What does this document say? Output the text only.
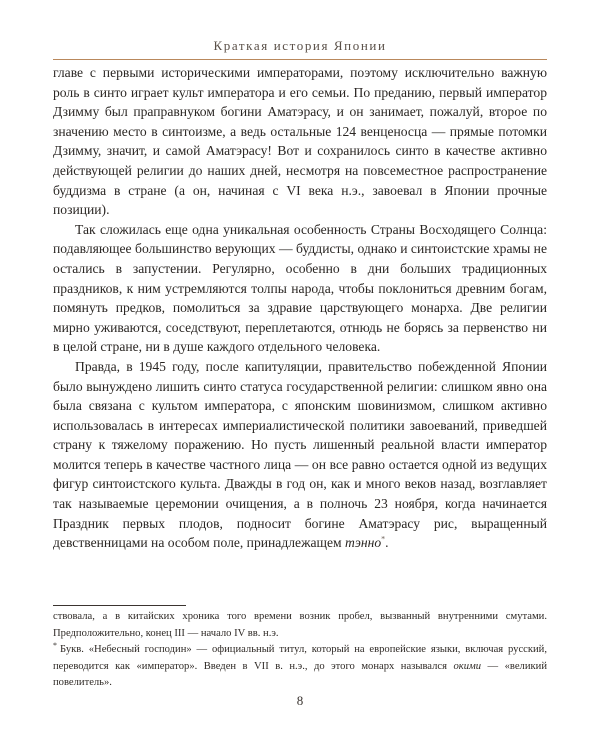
Краткая история Японии

главе с первыми историческими императорами, поэтому исключительно важную роль в синто играет культ императора и его семьи. По преданию, первый император Дзимму был праправнуком богини Аматэрасу, и он занимает, пожалуй, второе по значению место в синтоизме, а ведь остальные 124 венценосца — прямые потомки Дзимму, значит, и самой Аматэрасу! Вот и сохранилось синто в качестве активно действующей религии до наших дней, несмотря на повсеместное распространение буддизма в стране (а он, начиная с VI века н.э., завоевал в Японии прочные позиции).

Так сложилась еще одна уникальная особенность Страны Восходящего Солнца: подавляющее большинство верующих — буддисты, однако и синтоистские храмы не остались в запустении. Регулярно, особенно в дни больших традиционных праздников, к ним устремляются толпы народа, чтобы поклониться древним богам, помянуть предков, помолиться за здравие царствующего монарха. Две религии мирно уживаются, соседствуют, переплетаются, отнюдь не борясь за первенство ни в целой стране, ни в душе каждого отдельного человека.

Правда, в 1945 году, после капитуляции, правительство побежденной Японии было вынуждено лишить синто статуса государственной религии: слишком явно она была связана с культом императора, с японским шовинизмом, слишком активно использовалась в интересах империалистической политики завоеваний, приведшей страну к тяжелому поражению. Но пусть лишенный реальной власти император молится теперь в качестве частного лица — он все равно остается одной из ведущих фигур синтоистского культа. Дважды в год он, как и много веков назад, возглавляет так называемые церемонии очищения, а в полночь 23 ноября, когда начинается Праздник первых плодов, подносит богине Аматэрасу рис, выращенный девственницами на особом поле, принадлежащем тэнно*.

ствовала, а в китайских хроника того времени возник пробел, вызванный внутренними смутами. Предположительно, конец III — начало IV вв. н.э.

* Букв. «Небесный господин» — официальный титул, который на европейские языки, включая русский, переводится как «император». Введен в VII в. н.э., до этого монарх назывался окими — «великий повелитель».

8
